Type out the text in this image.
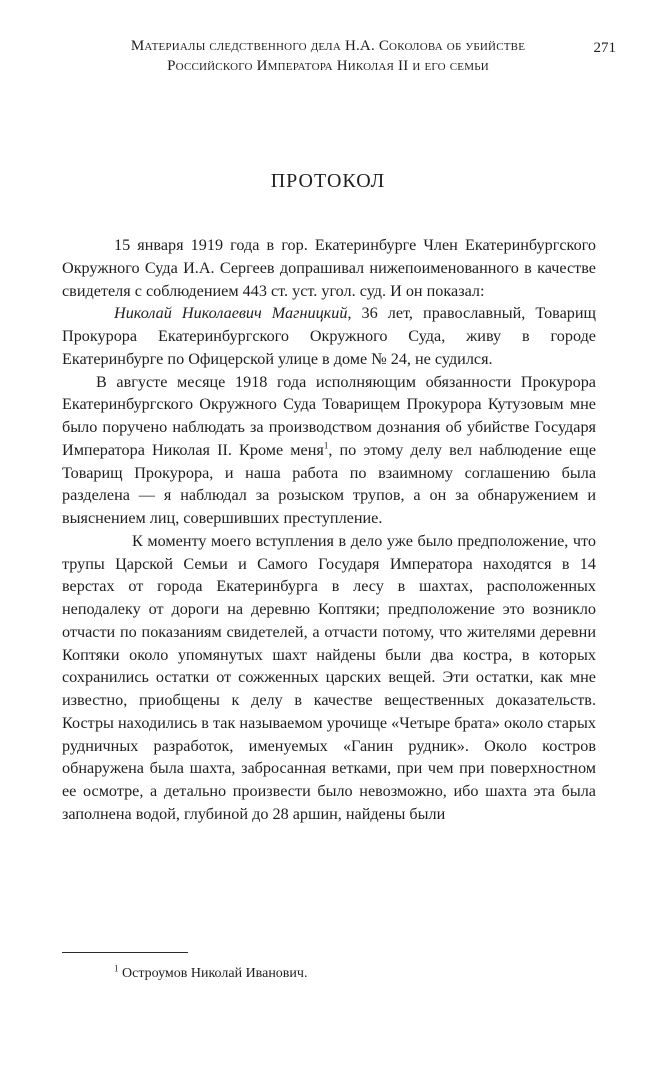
Материалы следственного дела Н.А. Соколова об убийстве
Российского Императора Николая II и его семьи
271
ПРОТОКОЛ

15 января 1919 года в гор. Екатеринбурге Член Екатеринбургского Окружного Суда И.А. Сергеев допрашивал нижепоименованного в качестве свидетеля с соблюдением 443 ст. уст. угол. суд. И он показал:

Николай Николаевич Магницкий, 36 лет, православный, Товарищ Прокурора Екатеринбургского Окружного Суда, живу в городе Екатеринбурге по Офицерской улице в доме № 24, не судился.

В августе месяце 1918 года исполняющим обязанности Прокурора Екатеринбургского Окружного Суда Товарищем Прокурора Кутузовым мне было поручено наблюдать за производством дознания об убийстве Государя Императора Николая II. Кроме меня$^1$, по этому делу вел наблюдение еще Товарищ Прокурора, и наша работа по взаимному соглашению была разделена — я наблюдал за розыском трупов, а он за обнаружением и выяснением лиц, совершивших преступление.

К моменту моего вступления в дело уже было предположение, что трупы Царской Семьи и Самого Государя Императора находятся в 14 верстах от города Екатеринбурга в лесу в шахтах, расположенных неподалеку от дороги на деревню Коптяки; предположение это возникло отчасти по показаниям свидетелей, а отчасти потому, что жителями деревни Коптяки около упомянутых шахт найдены были два костра, в которых сохранились остатки от сожженных царских вещей. Эти остатки, как мне известно, приобщены к делу в качестве вещественных доказательств. Костры находились в так называемом урочище «Четыре брата» около старых рудничных разработок, именуемых «Ганин рудник». Около костров обнаружена была шахта, забросанная ветками, при чем при поверхностном ее осмотре, а детально произвести было невозможно, ибо шахта эта была заполнена водой, глубиной до 28 аршин, найдены были

$^1$ Остроумов Николай Иванович.
